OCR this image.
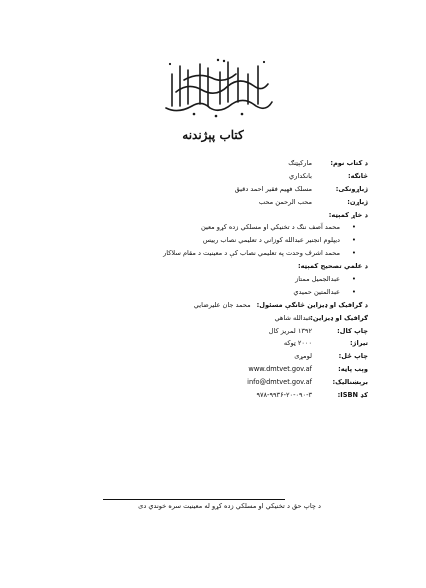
کتاب پېژندنه
د کتاب نوم:
مارکېټنګ
څانګه:
بانکداري
ژباړونکی:
مسلک فهیم فقیر احمد دقیق
ژباړن:
محب الرحمن محب
د خاړ کمېټه:
• محمد آصف ننګ د تخنیکي او مسلکي زده کړو معین
• دیپلوم انجنیر عبدالله کوزاني د تعلیمي نصاب رییس
• محمد اشرف وحدت په تعلیمي نصاب کې د معینیت د مقام سلاکار
د علمي تصحیح کمېټه:
• عبدالجمیل ممتاز
• عبدالمتین حمیدي
د ګرافیک او ډیزاین څانګې مسئول:
محمد جان علیرضایي
ګرافیک او ډیزاین:
عبدالله شاهي
چاپ کال:
۱۳۹۲ لمریز کال
تیراژ:
۲۰۰۰ ټوکه
چاپ ځل:
لومړی
وېب پاڼه:
www.dmtvet.gov.af
برېښناليک:
info@dmtvet.gov.af
کډ ISBN:
۹۷۸-۹۹۳۶-۲۰-۰۹۰-۳
د چاپ حق د تخنیکي او مسلکي زده کړو له معینیت سره خوندي دی
